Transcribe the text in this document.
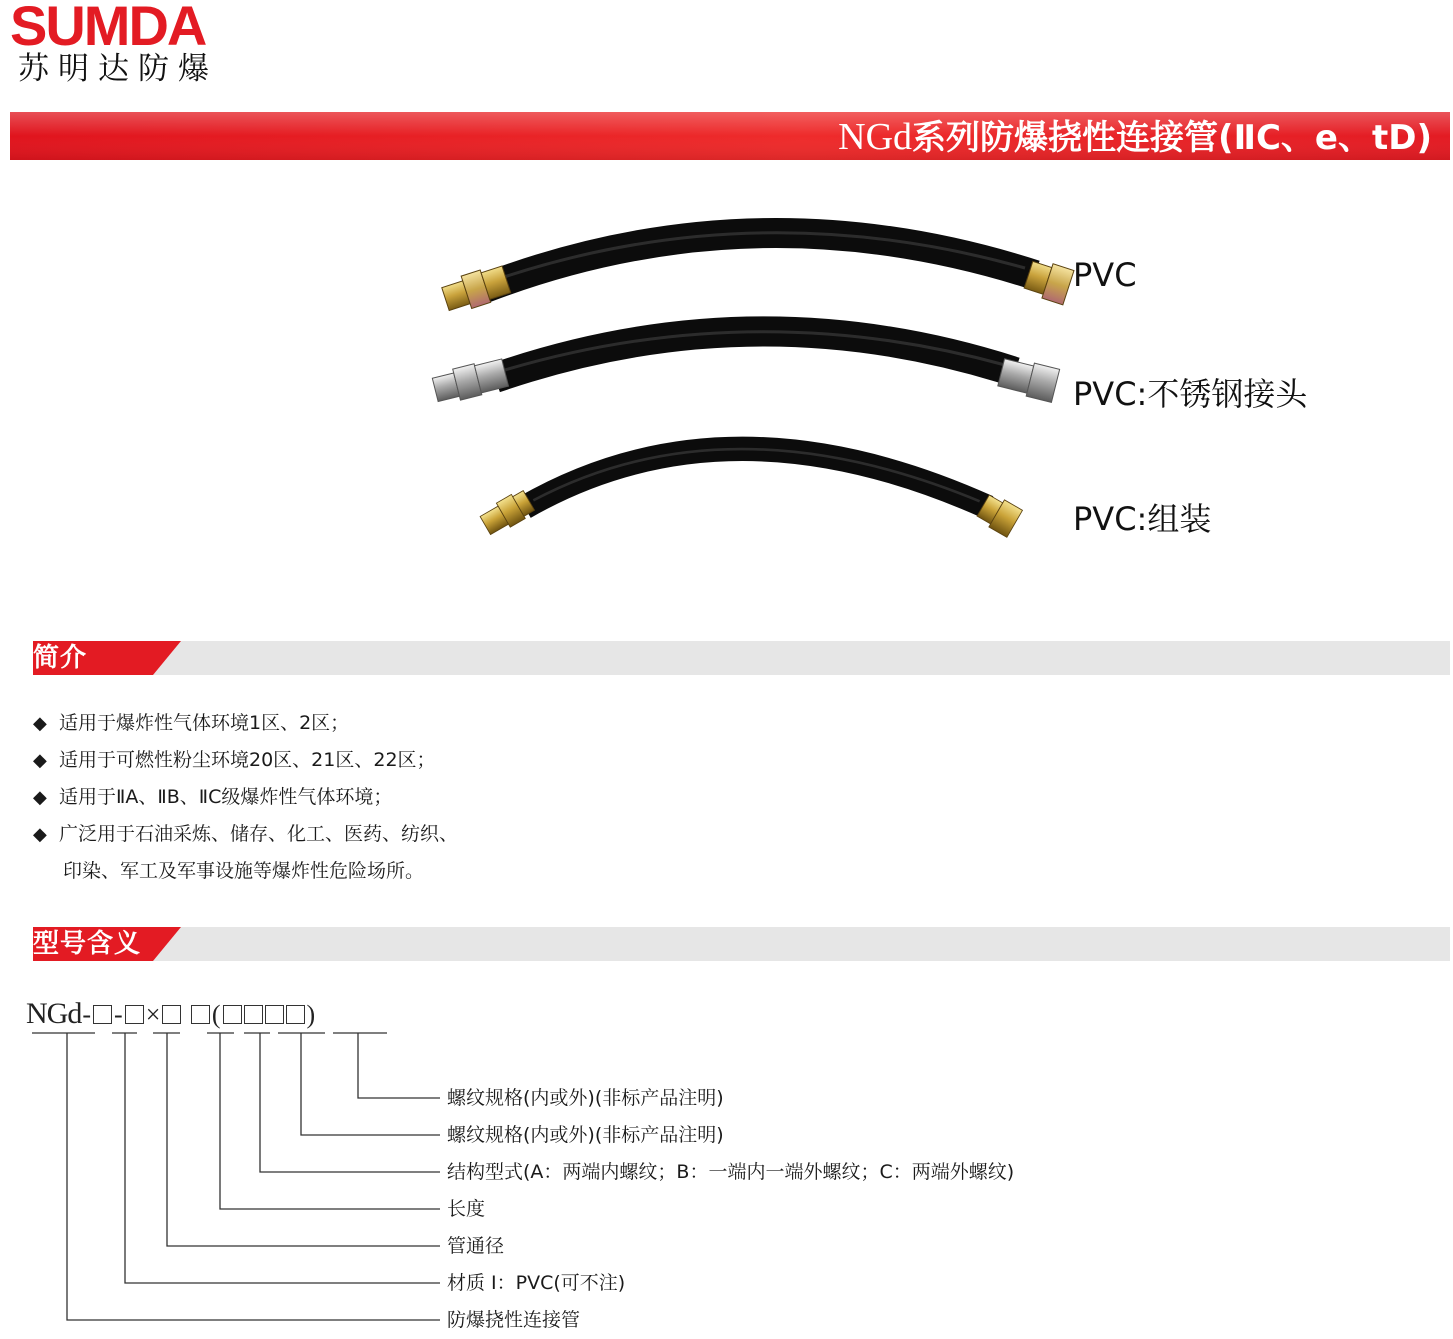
SUMDA
苏明达防爆
NGd系列防爆挠性连接管(ⅡC、e、tD)
PVC
PVC:不锈钢接头
PVC:组装
简介
◆ 适用于爆炸性气体环境1区、2区；
◆ 适用于可燃性粉尘环境20区、21区、22区；
◆ 适用于ⅡA、ⅡB、ⅡC级爆炸性气体环境；
◆ 广泛用于石油采炼、储存、化工、医药、纺织、
印染、军工及军事设施等爆炸性危险场所。
型号含义
NGd- - × (	)
螺纹规格(内或外)(非标产品注明)
螺纹规格(内或外)(非标产品注明)
结构型式(A：两端内螺纹；B：一端内一端外螺纹；C：两端外螺纹)
长度
管通径
材质 Ⅰ：PVC(可不注)
防爆挠性连接管
